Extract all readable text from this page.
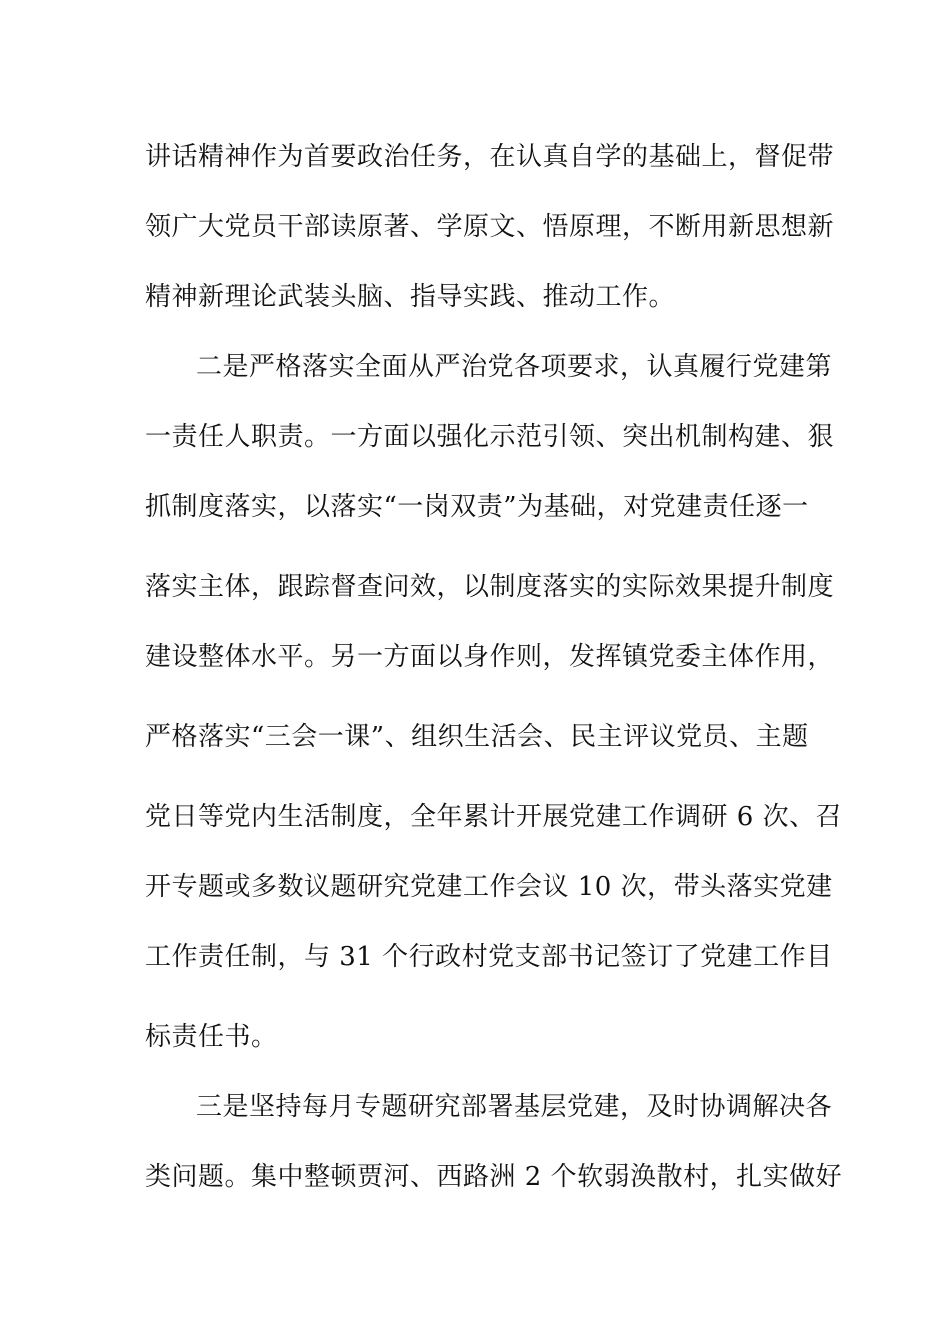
讲话精神作为首要政治任务，在认真自学的基础上，督促带
领广大党员干部读原著、学原文、悟原理，不断用新思想新
精神新理论武装头脑、指导实践、推动工作。
二是严格落实全面从严治党各项要求，认真履行党建第
一责任人职责。一方面以强化示范引领、突出机制构建、狠
抓制度落实，以落实“一岗双责”为基础，对党建责任逐一
落实主体，跟踪督查问效，以制度落实的实际效果提升制度
建设整体水平。另一方面以身作则，发挥镇党委主体作用，
严格落实“三会一课”、组织生活会、民主评议党员、主题
党日等党内生活制度，全年累计开展党建工作调研 6 次、召
开专题或多数议题研究党建工作会议 10 次，带头落实党建
工作责任制，与 31 个行政村党支部书记签订了党建工作目
标责任书。
三是坚持每月专题研究部署基层党建，及时协调解决各
类问题。集中整顿贾河、西路洲 2 个软弱涣散村，扎实做好
